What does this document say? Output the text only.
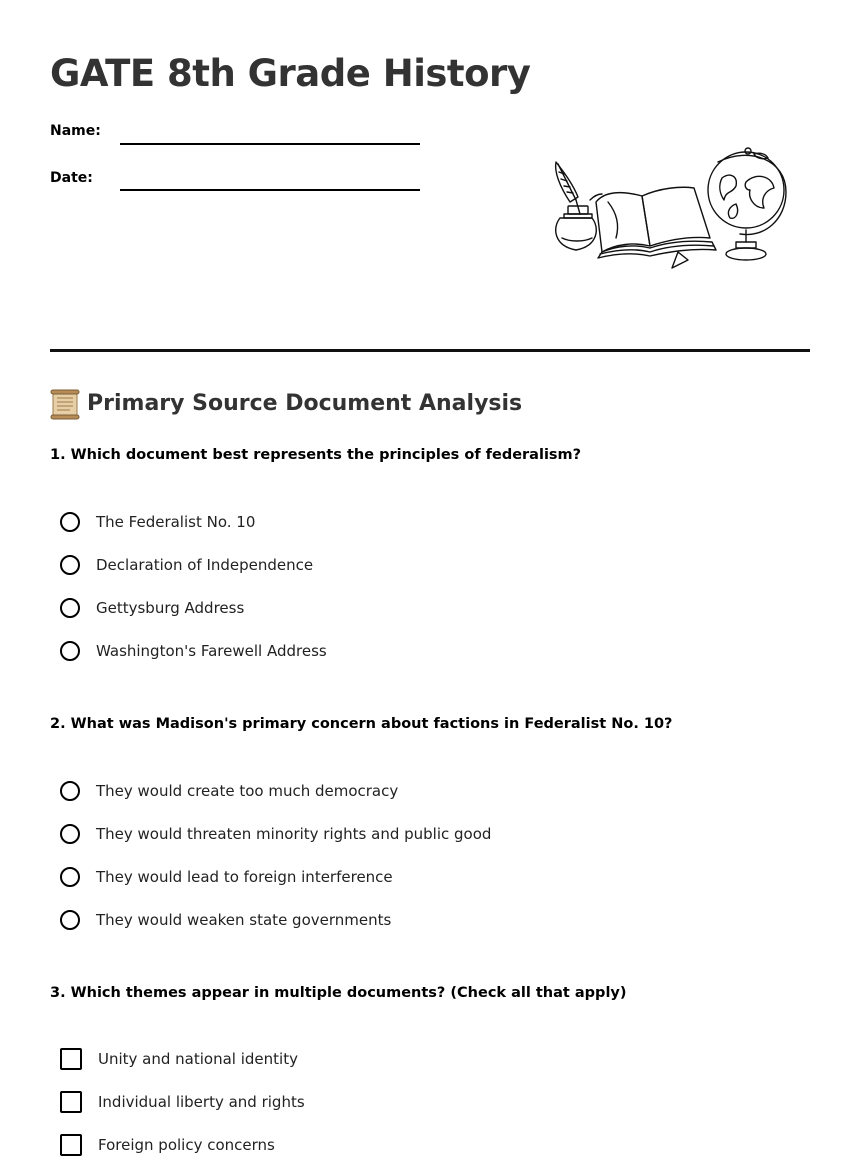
GATE 8th Grade History
Name:
Date:
Primary Source Document Analysis
1. Which document best represents the principles of federalism?
The Federalist No. 10
Declaration of Independence
Gettysburg Address
Washington's Farewell Address
2. What was Madison's primary concern about factions in Federalist No. 10?
They would create too much democracy
They would threaten minority rights and public good
They would lead to foreign interference
They would weaken state governments
3. Which themes appear in multiple documents? (Check all that apply)
Unity and national identity
Individual liberty and rights
Foreign policy concerns
